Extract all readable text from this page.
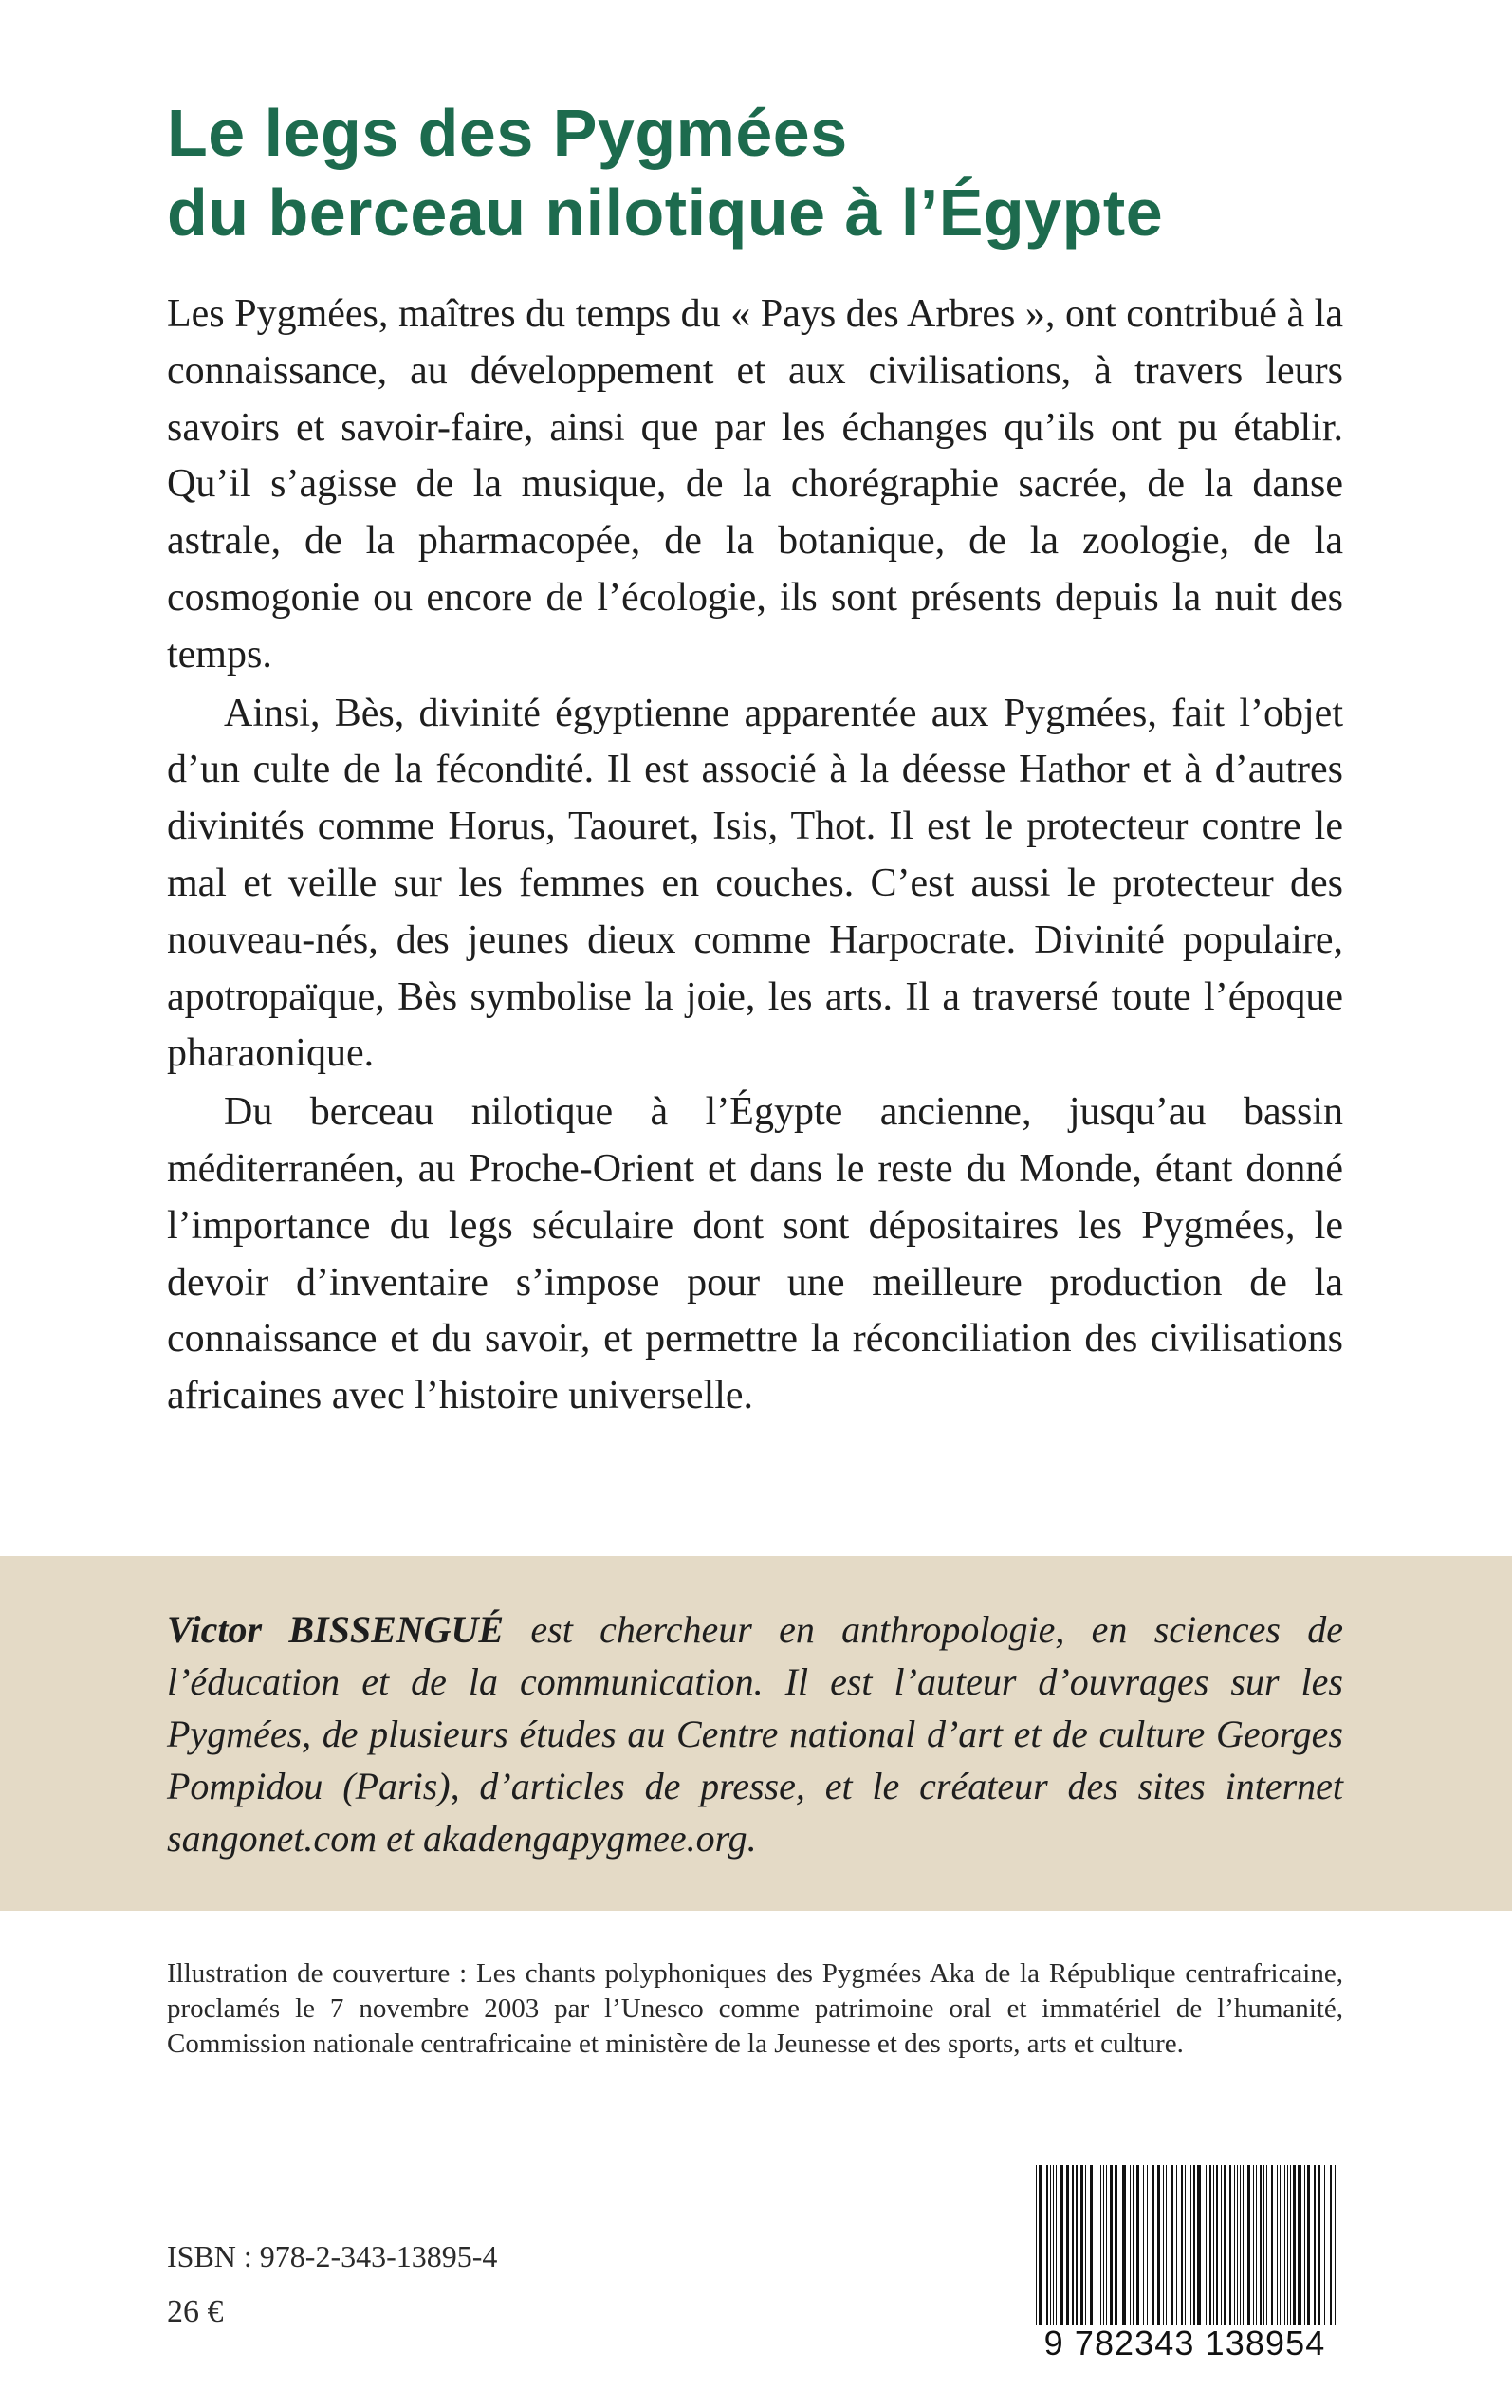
Le legs des Pygmées
du berceau nilotique à l’Égypte

Les Pygmées, maîtres du temps du « Pays des Arbres », ont contribué à la connaissance, au développement et aux civilisations, à travers leurs savoirs et savoir-faire, ainsi que par les échanges qu’ils ont pu établir. Qu’il s’agisse de la musique, de la chorégraphie sacrée, de la danse astrale, de la pharmacopée, de la botanique, de la zoologie, de la cosmogonie ou encore de l’écologie, ils sont présents depuis la nuit des temps.

Ainsi, Bès, divinité égyptienne apparentée aux Pygmées, fait l’objet d’un culte de la fécondité. Il est associé à la déesse Hathor et à d’autres divinités comme Horus, Taouret, Isis, Thot. Il est le protecteur contre le mal et veille sur les femmes en couches. C’est aussi le protecteur des nouveau-nés, des jeunes dieux comme Harpocrate. Divinité populaire, apotropaïque, Bès symbolise la joie, les arts. Il a traversé toute l’époque pharaonique.

Du berceau nilotique à l’Égypte ancienne, jusqu’au bassin méditerranéen, au Proche-Orient et dans le reste du Monde, étant donné l’importance du legs séculaire dont sont dépositaires les Pygmées, le devoir d’inventaire s’impose pour une meilleure production de la connaissance et du savoir, et permettre la réconciliation des civilisations africaines avec l’histoire universelle.

Victor BISSENGUÉ est chercheur en anthropologie, en sciences de l’éducation et de la communication. Il est l’auteur d’ouvrages sur les Pygmées, de plusieurs études au Centre national d’art et de culture Georges Pompidou (Paris), d’articles de presse, et le créateur des sites internet sangonet.com et akadengapygmee.org.

Illustration de couverture : Les chants polyphoniques des Pygmées Aka de la République centrafricaine, proclamés le 7 novembre 2003 par l’Unesco comme patrimoine oral et immatériel de l’humanité, Commission nationale centrafricaine et ministère de la Jeunesse et des sports, arts et culture.

ISBN : 978-2-343-13895-4
26 €
9 782343 138954
